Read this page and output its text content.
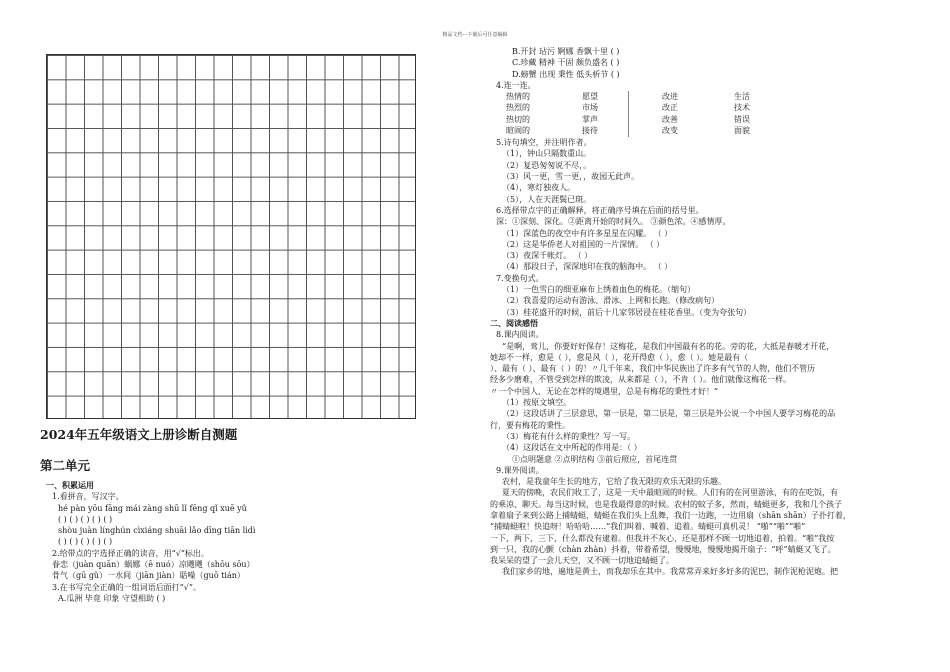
精品文档---下载后可任意编辑
2024年五年级语文上册诊断自测题
第二单元
一、积累运用
1.看拼音，写汉字。
hé pàn yōu fāng mái zàng shū lǐ fēng qǐ xuē yǔ
( ) ( ) ( ) ( ) ( )
shòu juàn línghún cìxiáng shuāi lǎo dīng tiān lìdì
( ) ( ) ( ) ( ) ( )
2.给带点的字选择正确的读音，用“√”标出。
眷恋（juàn quān）蜗娜（ē nuó）凉飕飕（shōu sōu）
骨气（gū gǔ）一水间（jiān jiàn）聒噪（guō tián）
3.在书写完全正确的一组词语后面打“√”。
A.瓜洲 毕竟 印象 守望相助 ( )
B.开封 玷污 婀娜 香飘十里 ( )
C.珍藏 精神 干固 颇负盛名 ( )
D.螃蟹 出现 秉性 低头析节 ( )
4.连一连。
热情的
热烈的
热切的
暄闹的
愿望
市场
掌声
接待
改进
改正
改善
改变
生活
技术
错误
面貌
5.诗句填空，并注明作者。
（1），钟山只隔数重山。
（2）复恐匆匆说不尽，。
（3）风一更，雪一更，，故园无此声。
（4），寒灯独夜人。
（5），人在天涯鬓已斑。
6.选择带点字的正确解释，将正确序号填在后面的括号里。
深：①深刻、深化。②距离开始的时间久。 ③颜色浓。④感情厚。
（1）深蓝色的夜空中有许多星星在闪耀。 （ ）
（2）这是华侨老人对祖国的一片深情。 （ ）
（3）夜深千帐灯。 （ ）
（4）那段日子，深深地印在我的脑海中。 （ ）
7.变换句式。
（1）一色雪白的细亚麻布上绣着血色的梅花。（缩句）
（2）我喜爱的运动有游泳、滑冰、上网和长跑。（修改病句）
（3）桂花盛开的时候，前后十几家邻居浸在桂花香里。（变为夸张句）
二、阅读感悟
8.课内阅读。
“是啊，莺儿，你要好好保存！这梅花，是我们中国最有名的花。旁的花，大抵是春暖才开花，
她却不一样，愈是（ ），愈是风（ ），花开得愈（ ），愈（ ）。她是最有（
）、最有（ ）、最有（ ）的！〃几千年来，我们中华民族出了许多有气节的人物，他们不管历
经多少磨难，不管受到怎样的欺凌，从来都是（ ），不肯（ ）。他们就像这梅花一样。
〃一个中国人，无论在怎样的境遇里，总是有梅花的秉性才好！”
（1）按原文填空。
（2）这段话讲了三层意思，第一层是，第二层是，第三层是外公说一个中国人要学习梅花的品
行，要有梅花的秉性。
（3）梅花有什么样的秉性？写一写。
（4）这段话在文中所起的作用是：（ ）
①点明题意 ②点明结构 ③前后照应，首尾连贯
9.课外阅读。
农村，是我童年生长的地方，它给了我无限的欢乐无限的乐趣。
夏天的傍晚，农民们收工了，这是一天中最暄闹的时候。人们有的在河里游泳，有的在吃饭，有
的乘凉、聊天。每当这时候，也是我最得意的时候。农村的蚊子多，然而，蜻蜓更多，我和几个孩子
拿着扇子来到公路上捕蜻蜓，蜻蜓在我们头上乱舞，我们一边跑，一边用扇（shān shān）子扑打着，
“捕蜻蜓啦！快追呀！哈哈哈……”我们叫着、喊着、追着。蜻蜓可真机灵！ “啪”“啪”“啪”
一下，两下，三下，什么都没有逮着。但我并不灰心，还是那样不顾一切地追着，拍着。“啪”我按
到一只，我的心颤（chàn zhàn）抖着，带着希望，慢慢地，慢慢地揭开扇子：“呼”蜻蜓又飞了。
我呆呆的望了一会儿天空，又不顾一切地追蜻蜓了。
我们家乡的地，遍地是黄土，而我却乐在其中。我常常弄来好多好多的泥巴，制作泥枪泥炮。把
